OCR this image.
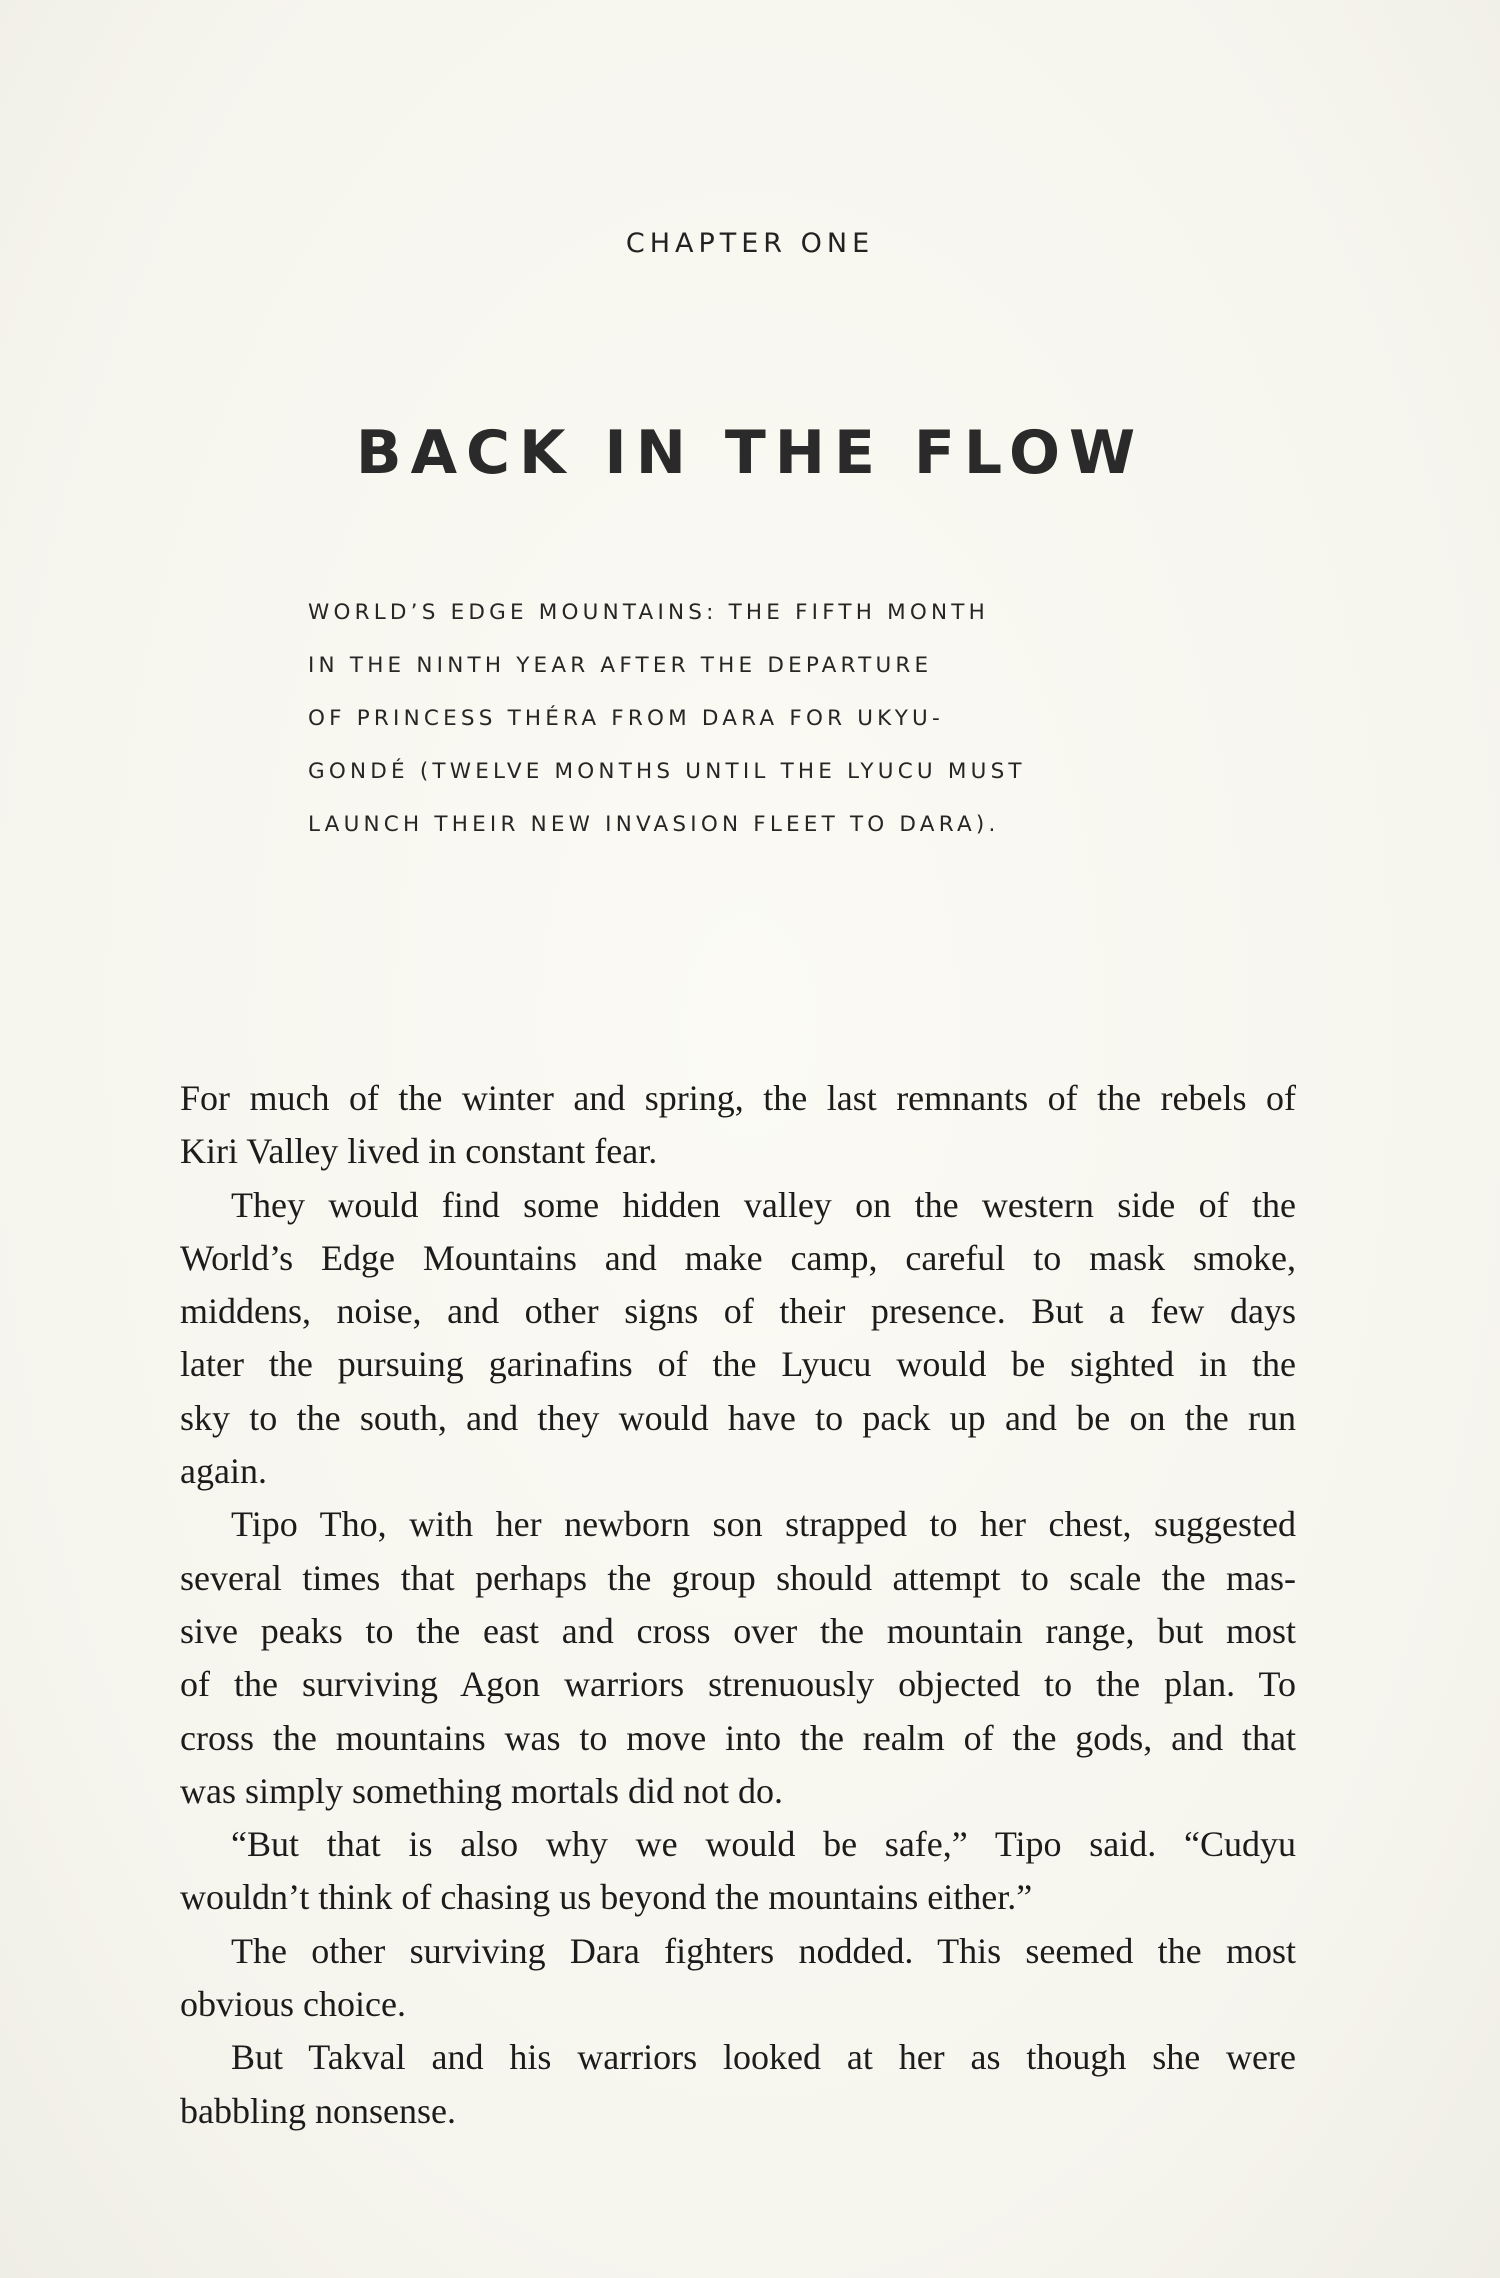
CHAPTER ONE
BACK IN THE FLOW
WORLD’S EDGE MOUNTAINS: THE FIFTH MONTH
IN THE NINTH YEAR AFTER THE DEPARTURE
OF PRINCESS THÉRA FROM DARA FOR UKYU-
GONDÉ (TWELVE MONTHS UNTIL THE LYUCU MUST
LAUNCH THEIR NEW INVASION FLEET TO DARA).
For much of the winter and spring, the last remnants of the rebels of
Kiri Valley lived in constant fear.
They would find some hidden valley on the western side of the
World’s Edge Mountains and make camp, careful to mask smoke,
middens, noise, and other signs of their presence. But a few days
later the pursuing garinafins of the Lyucu would be sighted in the
sky to the south, and they would have to pack up and be on the run
again.
Tipo Tho, with her newborn son strapped to her chest, suggested
several times that perhaps the group should attempt to scale the mas-
sive peaks to the east and cross over the mountain range, but most
of the surviving Agon warriors strenuously objected to the plan. To
cross the mountains was to move into the realm of the gods, and that
was simply something mortals did not do.
“But that is also why we would be safe,” Tipo said. “Cudyu
wouldn’t think of chasing us beyond the mountains either.”
The other surviving Dara fighters nodded. This seemed the most
obvious choice.
But Takval and his warriors looked at her as though she were
babbling nonsense.
